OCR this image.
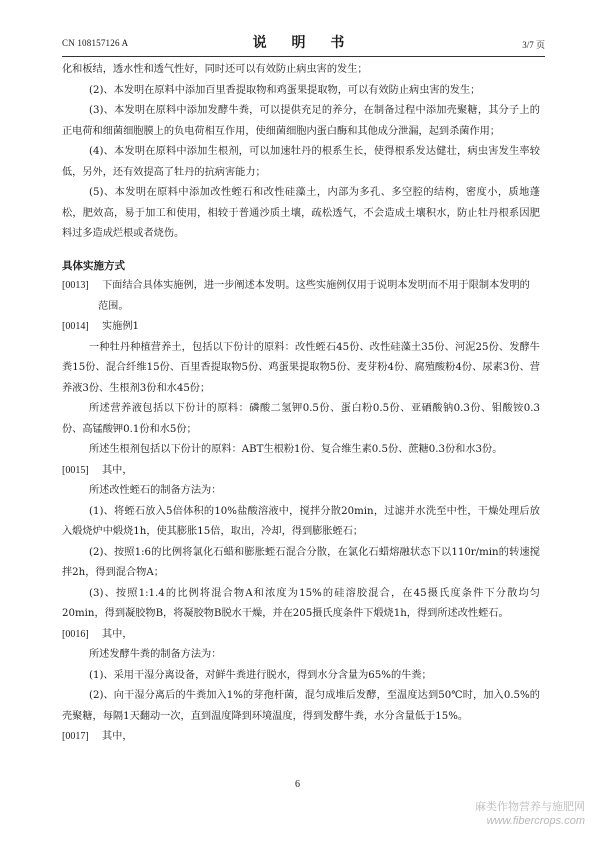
CN 108157126 A	说 明 书	3/7 页

化和板结，透水性和透气性好，同时还可以有效防止病虫害的发生；

(2)、本发明在原料中添加百里香提取物和鸡蛋果提取物，可以有效防止病虫害的发生；

(3)、本发明在原料中添加发酵牛粪，可以提供充足的养分，在制备过程中添加壳聚糖，其分子上的正电荷和细菌细胞膜上的负电荷相互作用，使细菌细胞内蛋白酶和其他成分泄漏，起到杀菌作用；

(4)、本发明在原料中添加生根剂，可以加速牡丹的根系生长，使得根系发达健壮，病虫害发生率较低，另外，还有效提高了牡丹的抗病害能力；

(5)、本发明在原料中添加改性蛭石和改性硅藻土，内部为多孔、多空腔的结构，密度小，质地蓬松，肥效高，易于加工和使用，相较于普通沙质土壤，疏松透气，不会造成土壤积水，防止牡丹根系因肥料过多造成烂根或者烧伤。

具体实施方式

[0013]	下面结合具体实施例，进一步阐述本发明。这些实施例仅用于说明本发明而不用于限制本发明的范围。
[0014]	实施例1

一种牡丹种植营养土，包括以下份计的原料：改性蛭石45份、改性硅藻土35份、河泥25份、发酵牛粪15份、混合纤维15份、百里香提取物5份、鸡蛋果提取物5份、麦芽粉4份、腐殖酸粉4份、尿素3份、营养液3份、生根剂3份和水45份；

所述营养液包括以下份计的原料：磷酸二氢钾0.5份、蛋白粉0.5份、亚硒酸钠0.3份、钼酸铵0.3份、高锰酸钾0.1份和水5份；

所述生根剂包括以下份计的原料：ABT生根粉1份、复合维生素0.5份、蔗糖0.3份和水3份。

[0015]	其中，

所述改性蛭石的制备方法为：

(1)、将蛭石放入5倍体积的10%盐酸溶液中，搅拌分散20min，过滤并水洗至中性，干燥处理后放入煅烧炉中煅烧1h，使其膨胀15倍，取出，冷却，得到膨胀蛭石；

(2)、按照1:6的比例将氯化石蜡和膨胀蛭石混合分散，在氯化石蜡熔融状态下以110r/min的转速搅拌2h，得到混合物A；

(3)、按照1:1.4的比例将混合物A和浓度为15%的硅溶胶混合，在45摄氏度条件下分散均匀20min，得到凝胶物B，将凝胶物B脱水干燥，并在205摄氏度条件下煅烧1h，得到所述改性蛭石。

[0016]	其中，

所述发酵牛粪的制备方法为：

(1)、采用干湿分离设备，对鲜牛粪进行脱水，得到水分含量为65%的牛粪；

(2)、向干湿分离后的牛粪加入1%的芽孢杆菌，混匀成堆后发酵，至温度达到50℃时，加入0.5%的壳聚糖，每隔1天翻动一次，直到温度降到环境温度，得到发酵牛粪，水分含量低于15%。

[0017]	其中，
6
麻类作物营养与施肥网
www.fibercrops.com
